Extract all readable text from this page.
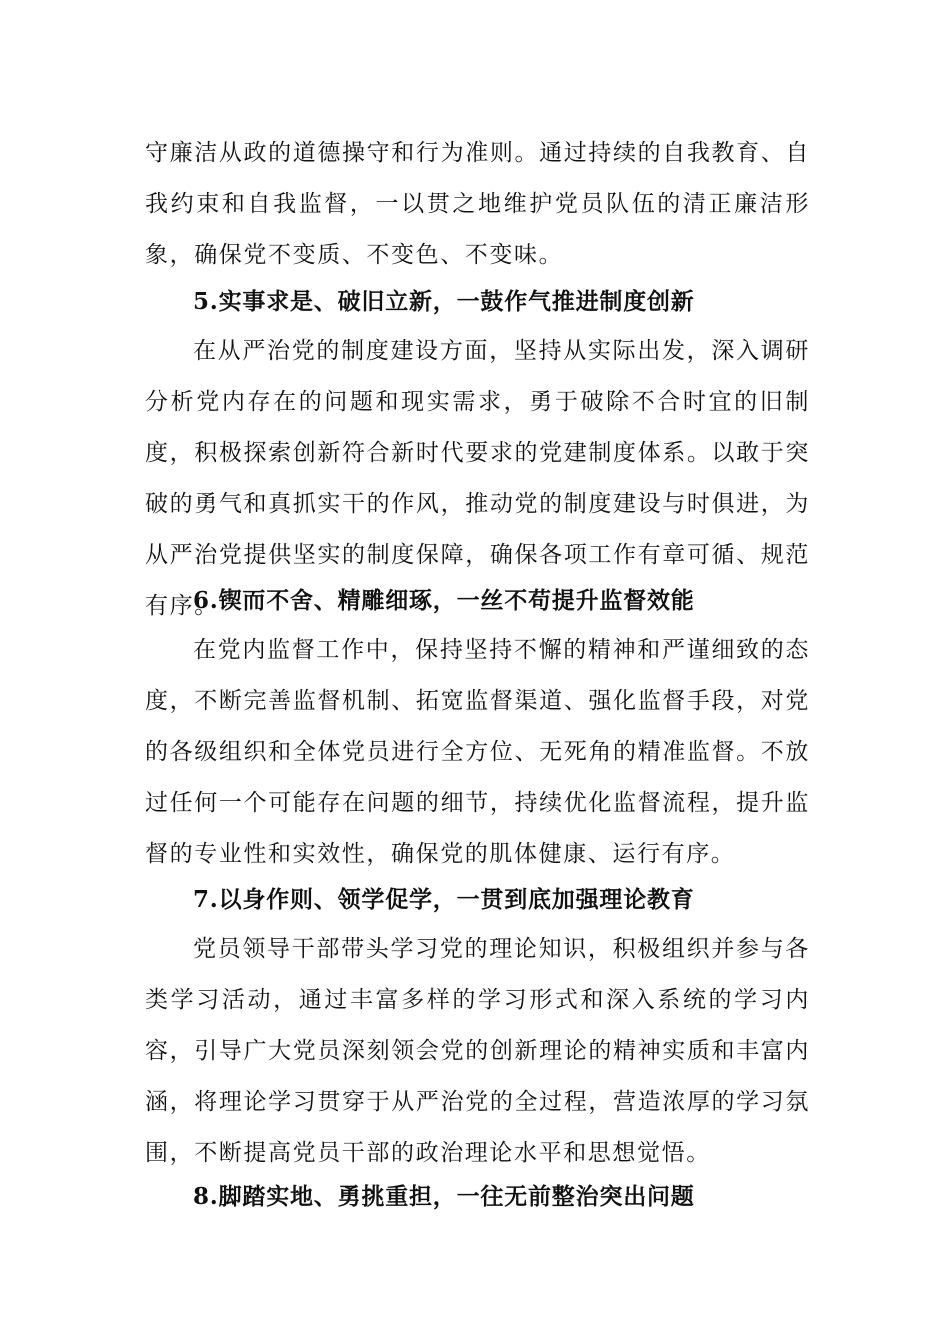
守廉洁从政的道德操守和行为准则。通过持续的自我教育、自我约束和自我监督，一以贯之地维护党员队伍的清正廉洁形象，确保党不变质、不变色、不变味。

5.实事求是、破旧立新，一鼓作气推进制度创新

在从严治党的制度建设方面，坚持从实际出发，深入调研分析党内存在的问题和现实需求，勇于破除不合时宜的旧制度，积极探索创新符合新时代要求的党建制度体系。以敢于突破的勇气和真抓实干的作风，推动党的制度建设与时俱进，为从严治党提供坚实的制度保障，确保各项工作有章可循、规范有序。

6.锲而不舍、精雕细琢，一丝不苟提升监督效能

在党内监督工作中，保持坚持不懈的精神和严谨细致的态度，不断完善监督机制、拓宽监督渠道、强化监督手段，对党的各级组织和全体党员进行全方位、无死角的精准监督。不放过任何一个可能存在问题的细节，持续优化监督流程，提升监督的专业性和实效性，确保党的肌体健康、运行有序。

7.以身作则、领学促学，一贯到底加强理论教育

党员领导干部带头学习党的理论知识，积极组织并参与各类学习活动，通过丰富多样的学习形式和深入系统的学习内容，引导广大党员深刻领会党的创新理论的精神实质和丰富内涵，将理论学习贯穿于从严治党的全过程，营造浓厚的学习氛围，不断提高党员干部的政治理论水平和思想觉悟。

8.脚踏实地、勇挑重担，一往无前整治突出问题
